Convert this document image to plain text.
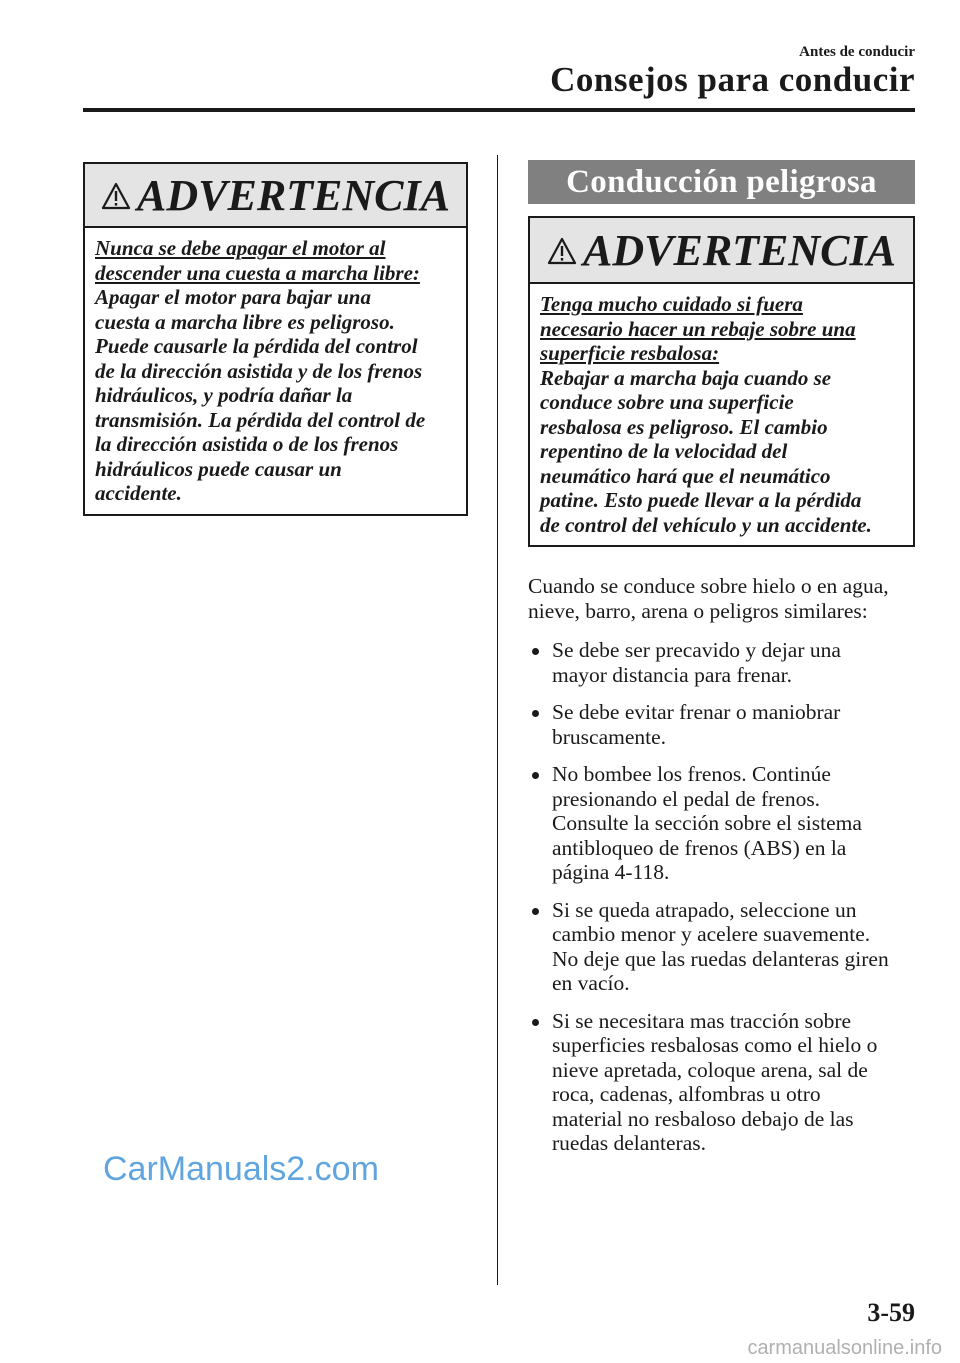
Antes de conducir
Consejos para conducir
ADVERTENCIA
Nunca se debe apagar el motor al
descender una cuesta a marcha libre:
Apagar el motor para bajar una
cuesta a marcha libre es peligroso.
Puede causarle la pérdida del control
de la dirección asistida y de los frenos
hidráulicos, y podría dañar la
transmisión. La pérdida del control de
la dirección asistida o de los frenos
hidráulicos puede causar un
accidente.
Conducción peligrosa
ADVERTENCIA
Tenga mucho cuidado si fuera
necesario hacer un rebaje sobre una
superficie resbalosa:
Rebajar a marcha baja cuando se
conduce sobre una superficie
resbalosa es peligroso. El cambio
repentino de la velocidad del
neumático hará que el neumático
patine. Esto puede llevar a la pérdida
de control del vehículo y un accidente.
Cuando se conduce sobre hielo o en agua,
nieve, barro, arena o peligros similares:
Se debe ser precavido y dejar una
mayor distancia para frenar.
Se debe evitar frenar o maniobrar
bruscamente.
No bombee los frenos. Continúe
presionando el pedal de frenos.
Consulte la sección sobre el sistema
antibloqueo de frenos (ABS) en la
página 4-118.
Si se queda atrapado, seleccione un
cambio menor y acelere suavemente.
No deje que las ruedas delanteras giren
en vacío.
Si se necesitara mas tracción sobre
superficies resbalosas como el hielo o
nieve apretada, coloque arena, sal de
roca, cadenas, alfombras u otro
material no resbaloso debajo de las
ruedas delanteras.
CarManuals2.com
3-59
carmanualsonline.info
